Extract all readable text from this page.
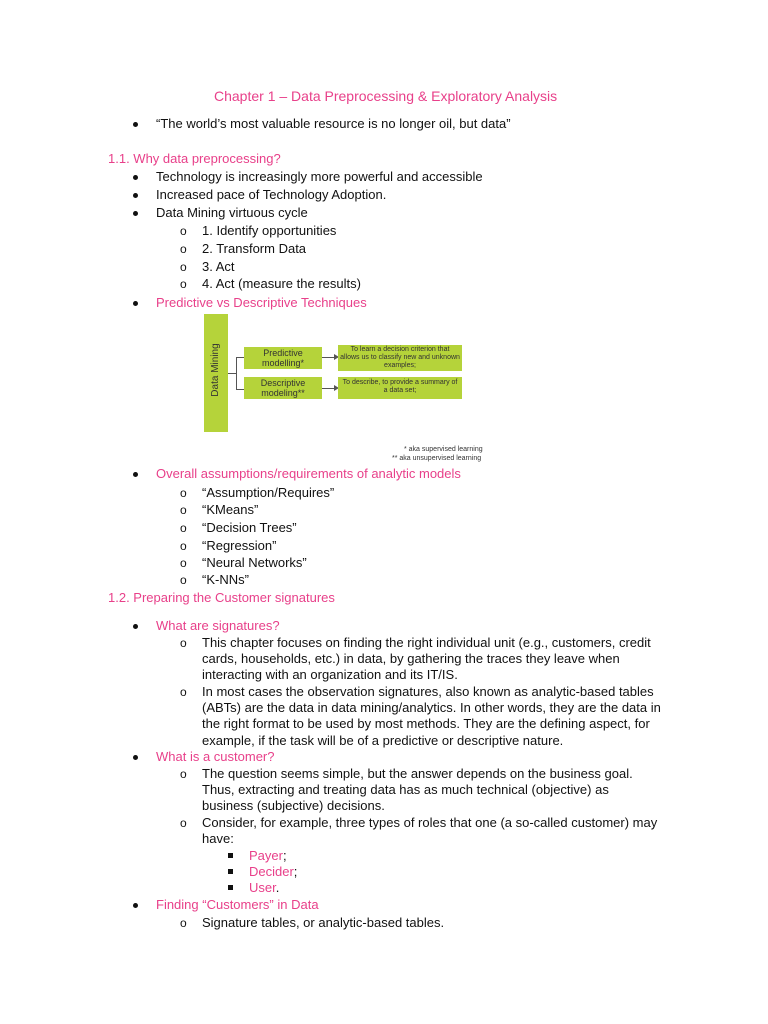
Chapter 1 – Data Preprocessing & Exploratory Analysis
“The world’s most valuable resource is no longer oil, but data”
1.1. Why data preprocessing?
Technology is increasingly more powerful and accessible
Increased pace of Technology Adoption.
Data Mining virtuous cycle
o 1. Identify opportunities
o 2. Transform Data
o 3. Act
o 4. Act (measure the results)
Predictive vs Descriptive Techniques
Data Mining	Predictive modelling*
Descriptive modeling**
To learn a decision criterion that allows us to classify new and unknown examples;
To describe, to provide a summary of a data set;
* aka supervised learning
** aka unsupervised learning
Overall assumptions/requirements of analytic models
o “Assumption/Requires”
o “KMeans”
o “Decision Trees”
o “Regression”
o “Neural Networks”
o “K-NNs”
1.2. Preparing the Customer signatures
What are signatures?
o This chapter focuses on finding the right individual unit (e.g., customers, credit cards, households, etc.) in data, by gathering the traces they leave when interacting with an organization and its IT/IS.
o In most cases the observation signatures, also known as analytic-based tables (ABTs) are the data in data mining/analytics. In other words, they are the data in the right format to be used by most methods. They are the defining aspect, for example, if the task will be of a predictive or descriptive nature.
What is a customer?
o The question seems simple, but the answer depends on the business goal. Thus, extracting and treating data has as much technical (objective) as business (subjective) decisions.
o Consider, for example, three types of roles that one (a so-called customer) may have:
Payer;
Decider;
User.
Finding “Customers” in Data
o Signature tables, or analytic-based tables.
